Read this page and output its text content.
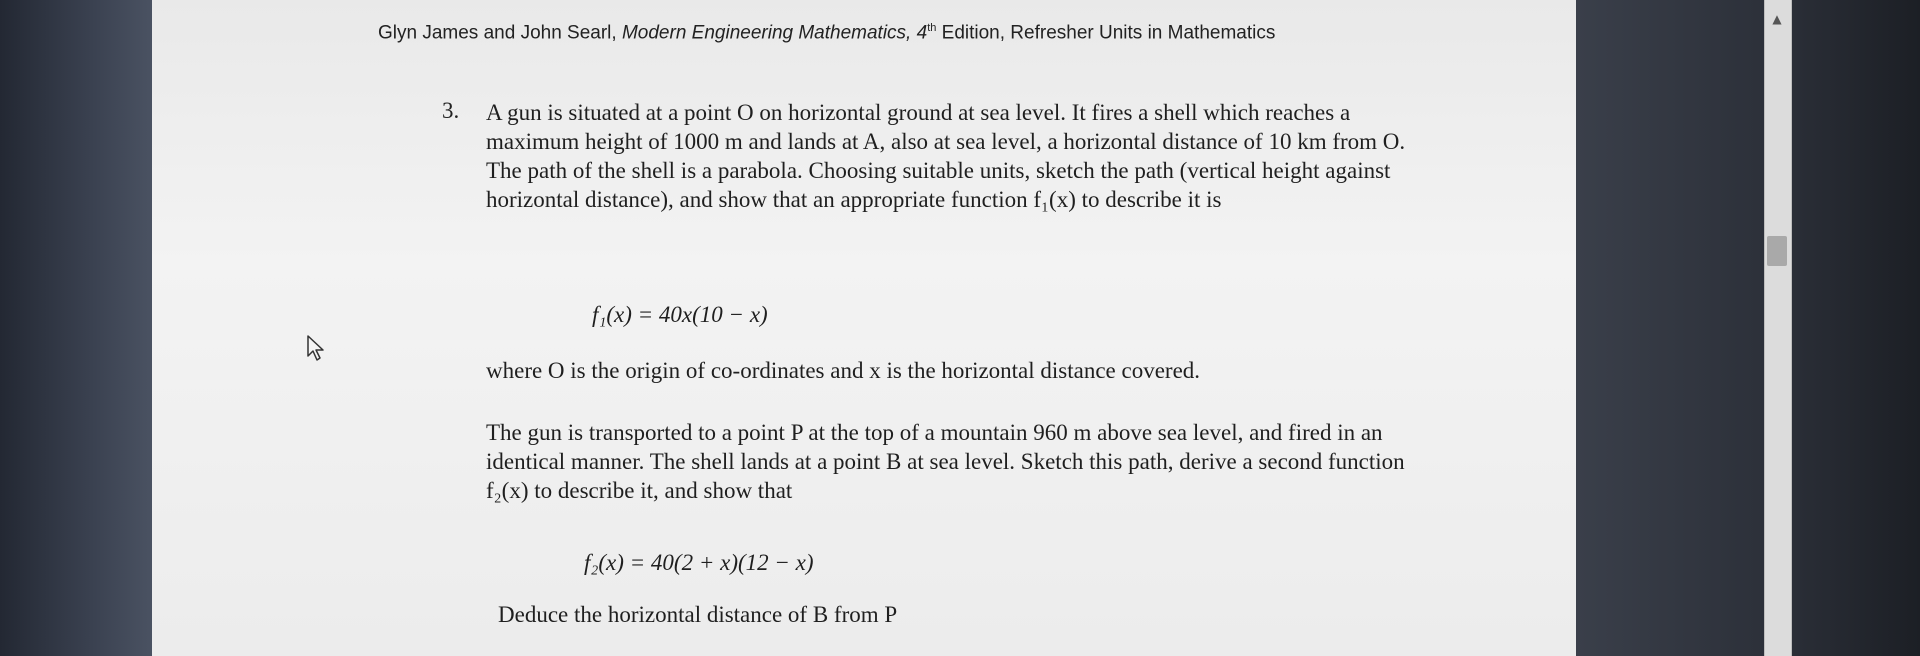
▲
Glyn James and John Searl, Modern Engineering Mathematics, 4th Edition, Refresher Units in Mathematics
3. A gun is situated at a point O on horizontal ground at sea level. It fires a shell which reaches a maximum height of 1000 m and lands at A, also at sea level, a horizontal distance of 10 km from O. The path of the shell is a parabola. Choosing suitable units, sketch the path (vertical height against horizontal distance), and show that an appropriate function f₁(x) to describe it is
f₁(x) = 40x(10 − x)
where O is the origin of co-ordinates and x is the horizontal distance covered.
The gun is transported to a point P at the top of a mountain 960 m above sea level, and fired in an identical manner. The shell lands at a point B at sea level. Sketch this path, derive a second function f₂(x) to describe it, and show that
f₂(x) = 40(2 + x)(12 − x)
Deduce the horizontal distance of B from P
